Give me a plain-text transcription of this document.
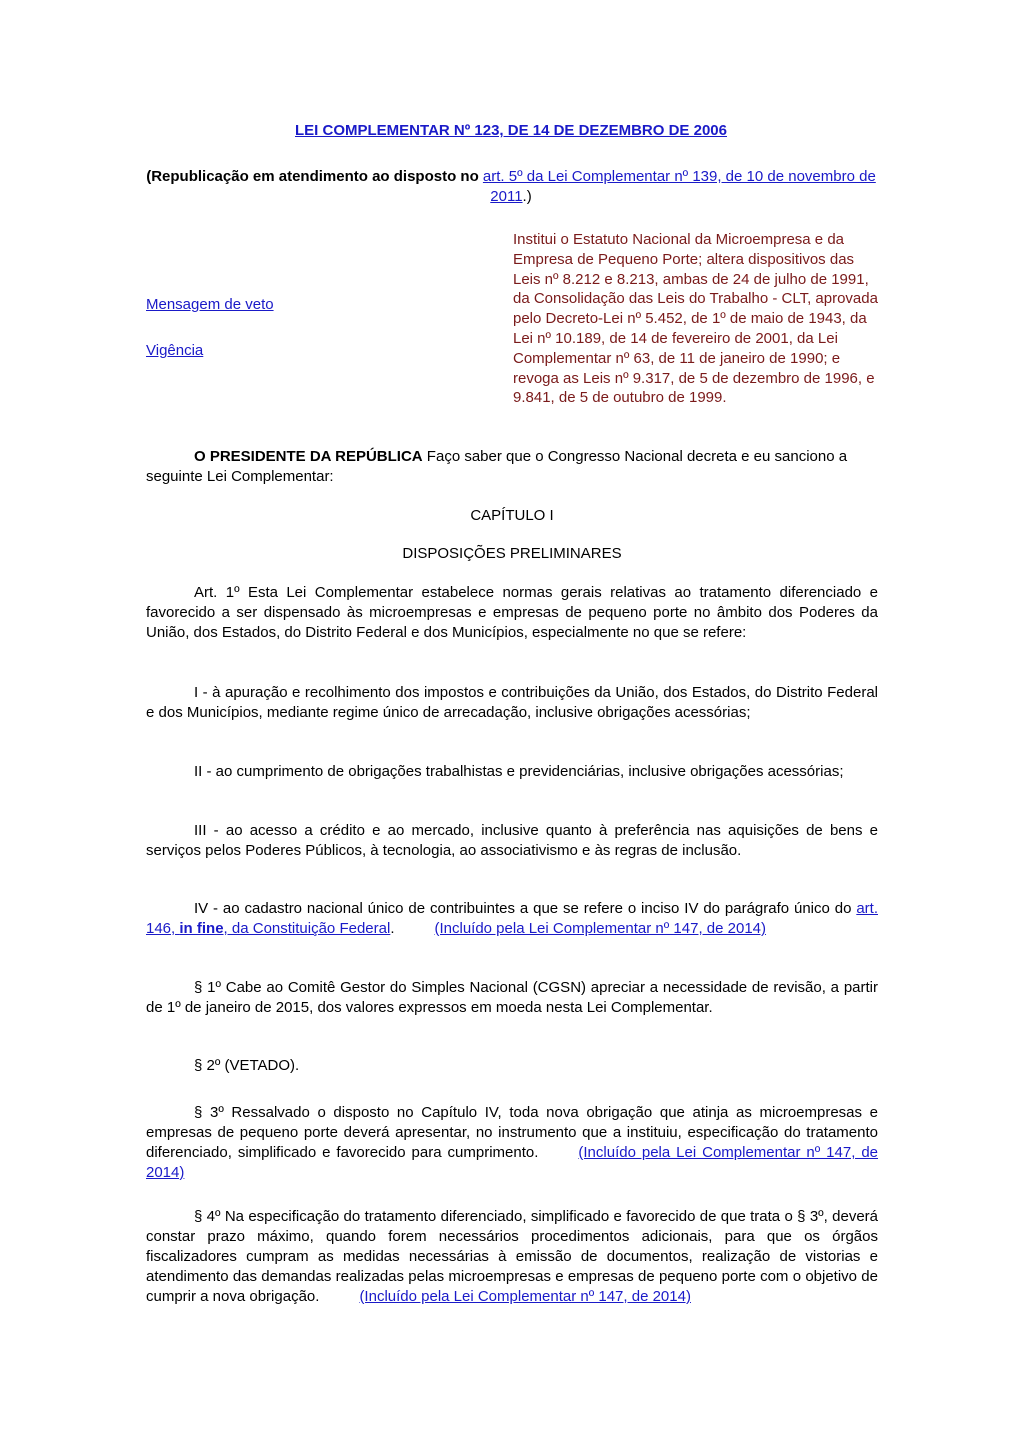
LEI COMPLEMENTAR Nº 123, DE 14 DE DEZEMBRO DE 2006
(Republicação em atendimento ao disposto no art. 5º da Lei Complementar nº 139, de 10 de novembro de 2011.)
Mensagem de veto
Vigência
Institui o Estatuto Nacional da Microempresa e da Empresa de Pequeno Porte; altera dispositivos das Leis nº 8.212 e 8.213, ambas de 24 de julho de 1991, da Consolidação das Leis do Trabalho - CLT, aprovada pelo Decreto-Lei nº 5.452, de 1º de maio de 1943, da Lei nº 10.189, de 14 de fevereiro de 2001, da Lei Complementar nº 63, de 11 de janeiro de 1990; e revoga as Leis nº 9.317, de 5 de dezembro de 1996, e 9.841, de 5 de outubro de 1999.
O PRESIDENTE DA REPÚBLICA Faço saber que o Congresso Nacional decreta e eu sanciono a seguinte Lei Complementar:
CAPÍTULO I
DISPOSIÇÕES PRELIMINARES
Art. 1º Esta Lei Complementar estabelece normas gerais relativas ao tratamento diferenciado e favorecido a ser dispensado às microempresas e empresas de pequeno porte no âmbito dos Poderes da União, dos Estados, do Distrito Federal e dos Municípios, especialmente no que se refere:
I - à apuração e recolhimento dos impostos e contribuições da União, dos Estados, do Distrito Federal e dos Municípios, mediante regime único de arrecadação, inclusive obrigações acessórias;
II - ao cumprimento de obrigações trabalhistas e previdenciárias, inclusive obrigações acessórias;
III - ao acesso a crédito e ao mercado, inclusive quanto à preferência nas aquisições de bens e serviços pelos Poderes Públicos, à tecnologia, ao associativismo e às regras de inclusão.
IV - ao cadastro nacional único de contribuintes a que se refere o inciso IV do parágrafo único do art. 146, in fine, da Constituição Federal.	(Incluído pela Lei Complementar nº 147, de 2014)
§ 1º Cabe ao Comitê Gestor do Simples Nacional (CGSN) apreciar a necessidade de revisão, a partir de 1º de janeiro de 2015, dos valores expressos em moeda nesta Lei Complementar.
§ 2º (VETADO).
§ 3º Ressalvado o disposto no Capítulo IV, toda nova obrigação que atinja as microempresas e empresas de pequeno porte deverá apresentar, no instrumento que a instituiu, especificação do tratamento diferenciado, simplificado e favorecido para cumprimento.	(Incluído pela Lei Complementar nº 147, de 2014)
§ 4º Na especificação do tratamento diferenciado, simplificado e favorecido de que trata o § 3º, deverá constar prazo máximo, quando forem necessários procedimentos adicionais, para que os órgãos fiscalizadores cumpram as medidas necessárias à emissão de documentos, realização de vistorias e atendimento das demandas realizadas pelas microempresas e empresas de pequeno porte com o objetivo de cumprir a nova obrigação.	(Incluído pela Lei Complementar nº 147, de 2014)
